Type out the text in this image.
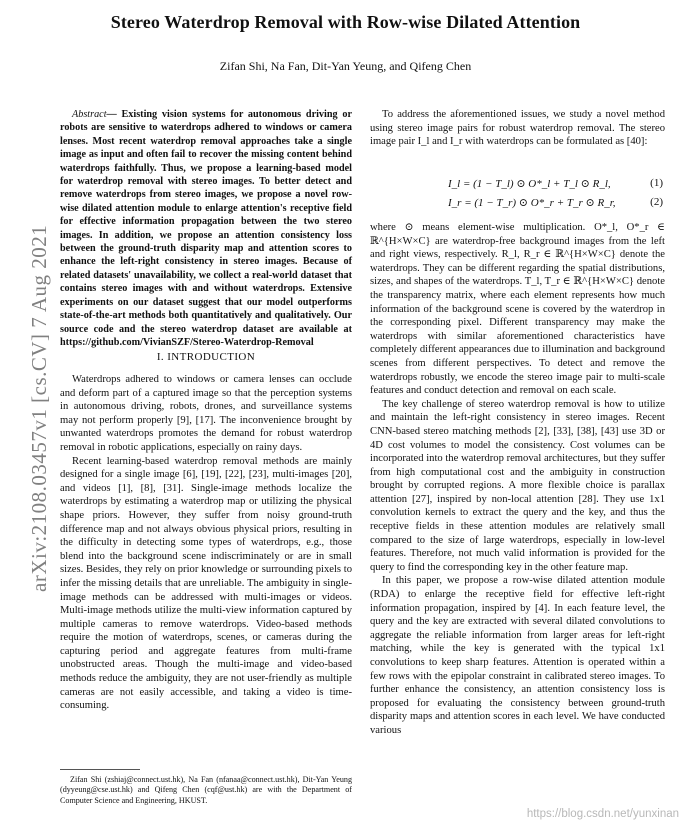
Stereo Waterdrop Removal with Row-wise Dilated Attention
Zifan Shi, Na Fan, Dit-Yan Yeung, and Qifeng Chen
arXiv:2108.03457v1 [cs.CV] 7 Aug 2021
Abstract— Existing vision systems for autonomous driving or robots are sensitive to waterdrops adhered to windows or camera lenses. Most recent waterdrop removal approaches take a single image as input and often fail to recover the missing content behind waterdrops faithfully. Thus, we propose a learning-based model for waterdrop removal with stereo images. To better detect and remove waterdrops from stereo images, we propose a novel row-wise dilated attention module to enlarge attention's receptive field for effective information propagation between the two stereo images. In addition, we propose an attention consistency loss between the ground-truth disparity map and attention scores to enhance the left-right consistency in stereo images. Because of related datasets' unavailability, we collect a real-world dataset that contains stereo images with and without waterdrops. Extensive experiments on our dataset suggest that our model outperforms state-of-the-art methods both quantitatively and qualitatively. Our source code and the stereo waterdrop dataset are available at https://github.com/VivianSZF/Stereo-Waterdrop-Removal
I. INTRODUCTION

Waterdrops adhered to windows or camera lenses can occlude and deform part of a captured image so that the perception systems in autonomous driving, robots, drones, and surveillance systems may not perform properly [9], [17]. The inconvenience brought by unwanted waterdrops promotes the demand for robust waterdrop removal in robotic applications, especially on rainy days.

Recent learning-based waterdrop removal methods are mainly designed for a single image [6], [19], [22], [23], multi-images [20], and videos [1], [8], [31]. Single-image methods localize the waterdrops by estimating a waterdrop map or utilizing the physical shape priors. However, they suffer from noisy ground-truth difference map and not always obvious physical priors, resulting in the difficulty in detecting some types of waterdrops, e.g., those blend into the background scene indiscriminately or are in small sizes. Besides, they rely on prior knowledge or surrounding pixels to infer the missing details that are unreliable. The ambiguity in single-image methods can be addressed with multi-images or videos. Multi-image methods utilize the multi-view information captured by multiple cameras to remove waterdrops. Video-based methods require the motion of waterdrops, scenes, or cameras during the capturing period and aggregate features from multi-frame unobstructed areas. Though the multi-image and video-based methods reduce the ambiguity, they are not user-friendly as multiple cameras are not easily accessible, and taking a video is time-consuming.

Zifan Shi (zshiaj@connect.ust.hk), Na Fan (nfanaa@connect.ust.hk), Dit-Yan Yeung (dyyeung@cse.ust.hk) and Qifeng Chen (cqf@ust.hk) are with the Department of Computer Science and Engineering, HKUST.

To address the aforementioned issues, we study a novel method using stereo image pairs for robust waterdrop removal. The stereo image pair I_l and I_r with waterdrops can be formulated as [40]:

I_l = (1 − T_l) ⊙ O*_l + T_l ⊙ R_l,	(1)
I_r = (1 − T_r) ⊙ O*_r + T_r ⊙ R_r,	(2)

where ⊙ means element-wise multiplication. O*_l, O*_r ∈ ℝ^{H×W×C} are waterdrop-free background images from the left and right views, respectively. R_l, R_r ∈ ℝ^{H×W×C} denote the waterdrops. They can be different regarding the spatial distributions, sizes, and shapes of the waterdrops. T_l, T_r ∈ ℝ^{H×W×C} denote the transparency matrix, where each element represents how much information of the background scene is covered by the waterdrop in the corresponding pixel. Different transparency may make the waterdrops with similar aforementioned characteristics have completely different appearances due to illumination and background scenes from different perspectives. To detect and remove the waterdrops robustly, we encode the stereo image pair to multi-scale features and conduct detection and removal on each scale.

The key challenge of stereo waterdrop removal is how to utilize and maintain the left-right consistency in stereo images. Recent CNN-based stereo matching methods [2], [33], [38], [43] use 3D or 4D cost volumes to model the consistency. Cost volumes can be incorporated into the waterdrop removal architectures, but they suffer from high computational cost and the ambiguity in construction brought by corrupted regions. A more flexible choice is parallax attention [27], inspired by non-local attention [28]. They use 1x1 convolution kernels to extract the query and the key, and thus the receptive fields in these attention modules are relatively small compared to the size of large waterdrops, especially in low-level features. Therefore, not much valid information is provided for the query to find the corresponding key in the other feature map.

In this paper, we propose a row-wise dilated attention module (RDA) to enlarge the receptive field for effective left-right information propagation, inspired by [4]. In each feature level, the query and the key are extracted with several dilated convolutions to aggregate the reliable information from larger areas for left-right matching, while the key is generated with the typical 1x1 convolutions to keep sharp features. Attention is operated within a few rows with the epipolar constraint in calibrated stereo images. To further enhance the consistency, an attention consistency loss is proposed for evaluating the consistency between ground-truth disparity maps and attention scores in each level. We have conducted various

https://blog.csdn.net/yunxinan
